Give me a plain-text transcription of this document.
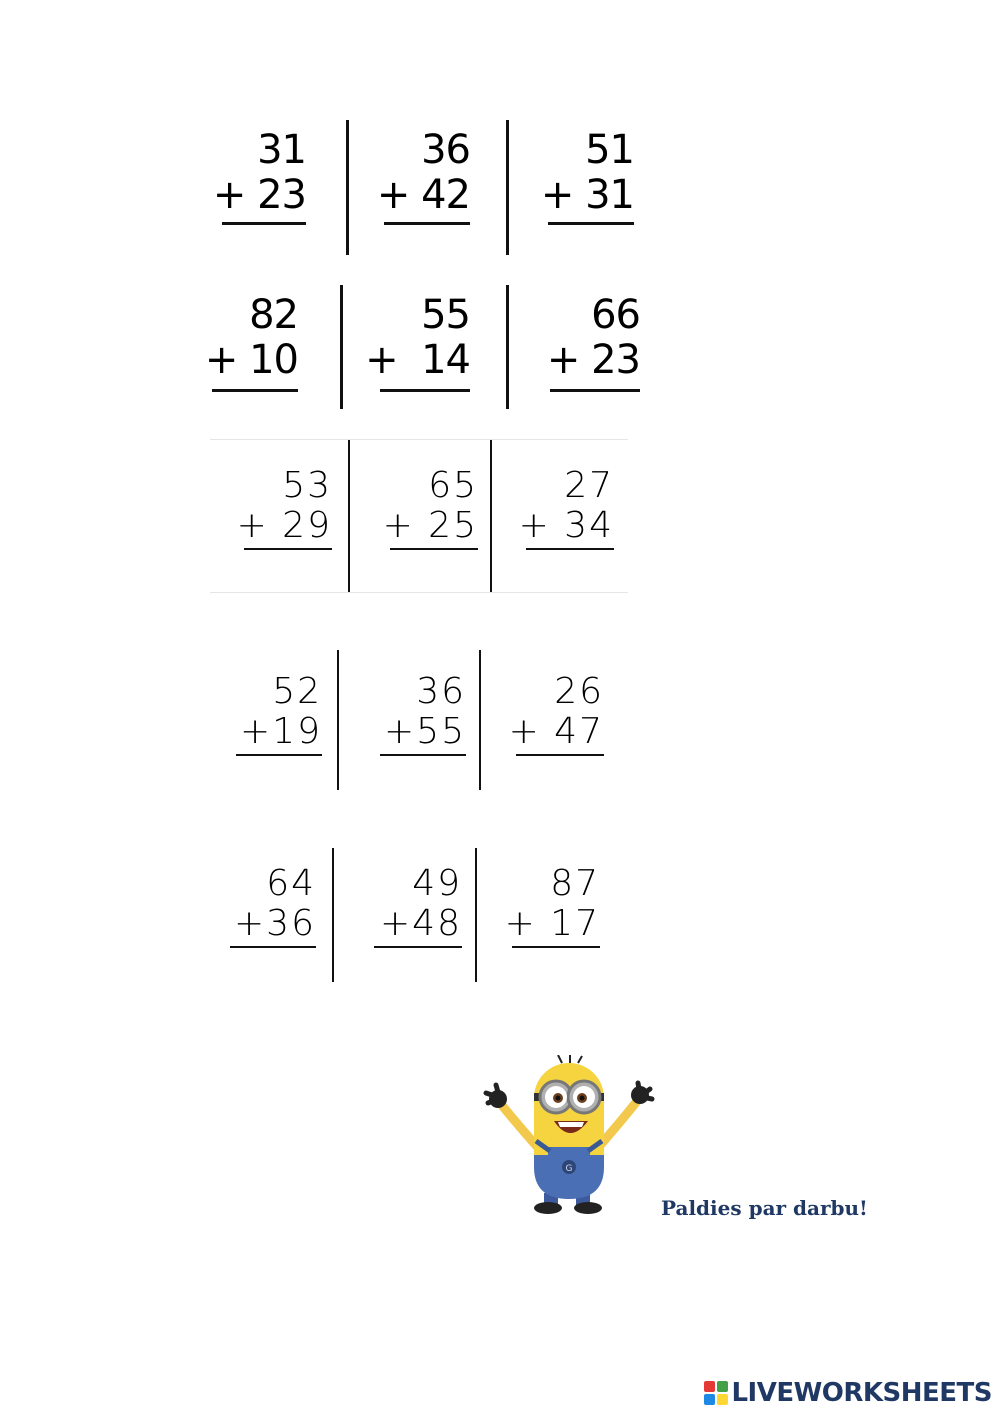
31
+ 23
36
+ 42
51
+ 31
82
+ 10
55
+  14
66
+ 23
53
+ 29
65
+ 25
27
+ 34
52
+19
36
+55
26
+ 47
64
+36
49
+48
87
+ 17
G
Paldies par darbu!
LIVEWORKSHEETS
